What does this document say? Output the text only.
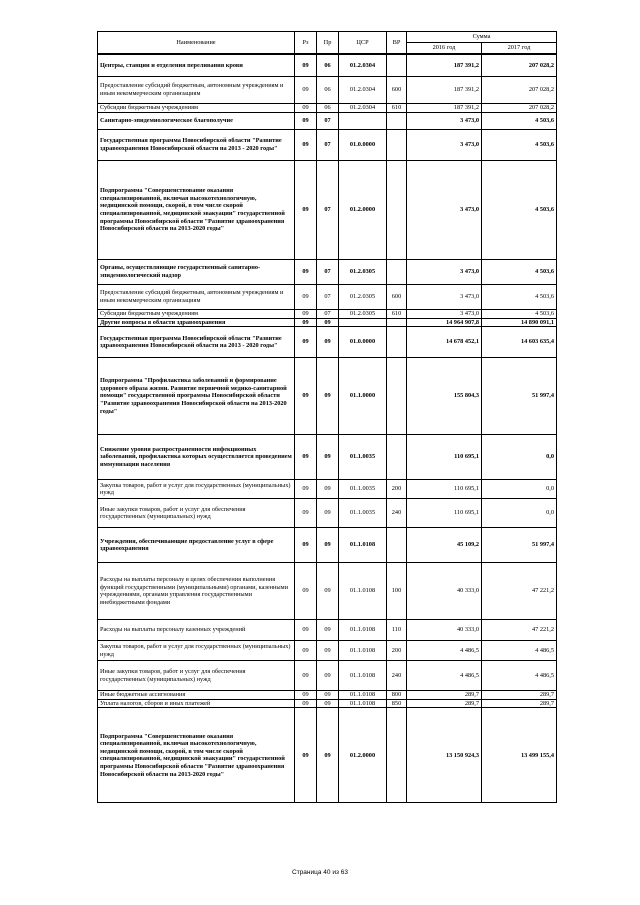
Наименование	Рз	Пр	ЦСР	ВР	Сумма	
					2016 год	2017 год

Центры, станции и отделения переливания крови	09	06	01.2.0304		187 391,2	207 028,2
Предоставление субсидий бюджетным, автономным учреждениям и иным некоммерческим организациям	09	06	01.2.0304	600	187 391,2	207 028,2
Субсидии бюджетным учреждениям	09	06	01.2.0304	610	187 391,2	207 028,2
Санитарно-эпидемиологическое благополучие	09	07			3 473,0	4 503,6
Государственная программа Новосибирской области "Развитие здравоохранения Новосибирской области на 2013 - 2020 годы"	09	07	01.0.0000		3 473,0	4 503,6
Подпрограмма "Совершенствование оказания специализированной, включая высокотехнологичную, медицинской помощи, скорой, в том числе скорой специализированной, медицинской эвакуации" государственной программы Новосибирской области "Развитие здравоохранения Новосибирской области на 2013-2020 годы"	09	07	01.2.0000		3 473,0	4 503,6
Органы, осуществляющие государственный санитарно-эпидемиологический надзор	09	07	01.2.0305		3 473,0	4 503,6
Предоставление субсидий бюджетным, автономным учреждениям и иным некоммерческим организациям	09	07	01.2.0305	600	3 473,0	4 503,6
Субсидии бюджетным учреждениям	09	07	01.2.0305	610	3 473,0	4 503,6
Другие вопросы в области здравоохранения	09	09			14 964 907,8	14 890 091,1
Государственная программа Новосибирской области "Развитие здравоохранения Новосибирской области на 2013 - 2020 годы"	09	09	01.0.0000		14 678 452,1	14 603 635,4
Подпрограмма "Профилактика заболеваний и формирование здорового образа жизни. Развитие первичной медико-санитарной помощи" государственной программы Новосибирской области "Развитие здравоохранения Новосибирской области на 2013-2020 годы"	09	09	01.1.0000		155 804,3	51 997,4
Снижение уровня распространенности инфекционных заболеваний, профилактика которых осуществляется проведением иммунизации населения	09	09	01.1.0035		110 695,1	0,0
Закупка товаров, работ и услуг для государственных (муниципальных) нужд	09	09	01.1.0035	200	110 695,1	0,0
Иные закупки товаров, работ и услуг для обеспечения государственных (муниципальных) нужд	09	09	01.1.0035	240	110 695,1	0,0
Учреждения, обеспечивающие предоставление услуг в сфере здравоохранения	09	09	01.1.0108		45 109,2	51 997,4
Расходы на выплаты персоналу в целях обеспечения выполнения функций государственными (муниципальными) органами, казенными учреждениями, органами управления государственными внебюджетными фондами	09	09	01.1.0108	100	40 333,0	47 221,2
Расходы на выплаты персоналу казенных учреждений	09	09	01.1.0108	110	40 333,0	47 221,2
Закупка товаров, работ и услуг для государственных (муниципальных) нужд	09	09	01.1.0108	200	4 486,5	4 486,5
Иные закупки товаров, работ и услуг для обеспечения государственных (муниципальных) нужд	09	09	01.1.0108	240	4 486,5	4 486,5
Иные бюджетные ассигнования	09	09	01.1.0108	800	289,7	289,7
Уплата налогов, сборов и иных платежей	09	09	01.1.0108	850	289,7	289,7
Подпрограмма "Совершенствование оказания специализированной, включая высокотехнологичную, медицинской помощи, скорой, в том числе скорой специализированной, медицинской эвакуации" государственной программы Новосибирской области "Развитие здравоохранения Новосибирской области на 2013-2020 годы"	09	09	01.2.0000		13 150 924,3	13 499 155,4
Страница 40 из 63
